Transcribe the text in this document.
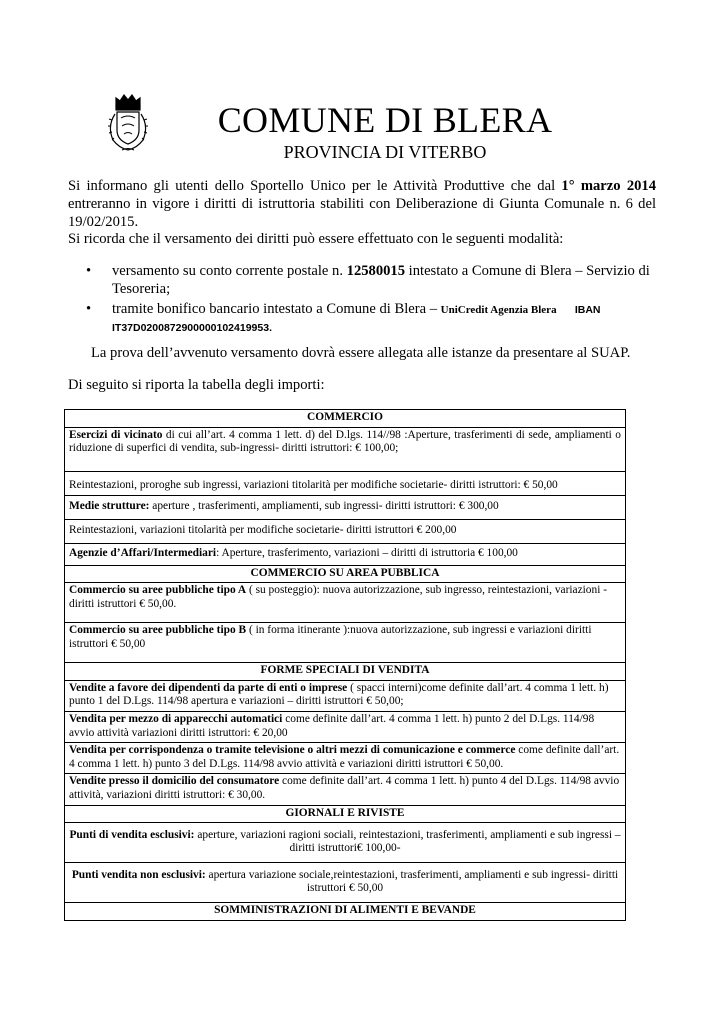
COMUNE DI BLERA
PROVINCIA DI VITERBO

Si informano gli utenti dello Sportello Unico per le Attività Produttive che dal 1° marzo 2014 entreranno in vigore i diritti di istruttoria stabiliti con Deliberazione di Giunta Comunale n. 6 del 19/02/2015.

Si ricorda che il versamento dei diritti può essere effettuato con le seguenti modalità:

• versamento su conto corrente postale n. 12580015 intestato a Comune di Blera – Servizio di Tesoreria;
• tramite bonifico bancario intestato a Comune di Blera – UniCredit Agenzia Blera IBAN
IT37D0200872900000102419953.
La prova dell’avvenuto versamento dovrà essere allegata alle istanze da presentare al SUAP.
Di seguito si riporta la tabella degli importi:
COMMERCIO
Esercizi di vicinato di cui all’art. 4 comma 1 lett. d) del D.lgs. 114//98 :Aperture, trasferimenti di sede, ampliamenti o riduzione di superfici di vendita, sub-ingressi- diritti istruttori: € 100,00;
Reintestazioni, proroghe sub ingressi, variazioni titolarità per modifiche societarie- diritti istruttori: € 50,00
Medie strutture: aperture , trasferimenti, ampliamenti, sub ingressi- diritti istruttori: € 300,00
Reintestazioni, variazioni titolarità per modifiche societarie- diritti istruttori € 200,00
Agenzie d’Affari/Intermediari: Aperture, trasferimento, variazioni – diritti di istruttoria € 100,00
COMMERCIO SU AREA PUBBLICA
Commercio su aree pubbliche tipo A ( su posteggio): nuova autorizzazione, sub ingresso, reintestazioni, variazioni -diritti istruttori € 50,00.
Commercio su aree pubbliche tipo B ( in forma itinerante ):nuova autorizzazione, sub ingressi e variazioni diritti istruttori € 50,00
FORME SPECIALI DI VENDITA
Vendite a favore dei dipendenti da parte di enti o imprese ( spacci interni)come definite dall’art. 4 comma 1 lett. h) punto 1 del D.Lgs. 114/98 apertura e variazioni – diritti istruttori € 50,00;
Vendita per mezzo di apparecchi automatici come definite dall’art. 4 comma 1 lett. h) punto 2 del D.Lgs. 114/98 avvio attività variazioni diritti istruttori: € 20,00
Vendita per corrispondenza o tramite televisione o altri mezzi di comunicazione e commerce come definite dall’art. 4 comma 1 lett. h) punto 3 del D.Lgs. 114/98 avvio attività e variazioni diritti istruttori € 50,00.
Vendite presso il domicilio del consumatore come definite dall’art. 4 comma 1 lett. h) punto 4 del D.Lgs. 114/98 avvio attività, variazioni diritti istruttori: € 30,00.
GIORNALI E RIVISTE
Punti di vendita esclusivi: aperture, variazioni ragioni sociali, reintestazioni, trasferimenti, ampliamenti e sub ingressi – diritti istruttori€ 100,00-
Punti vendita non esclusivi: apertura variazione sociale,reintestazioni, trasferimenti, ampliamenti e sub ingressi- diritti istruttori € 50,00
SOMMINISTRAZIONI DI ALIMENTI E BEVANDE
